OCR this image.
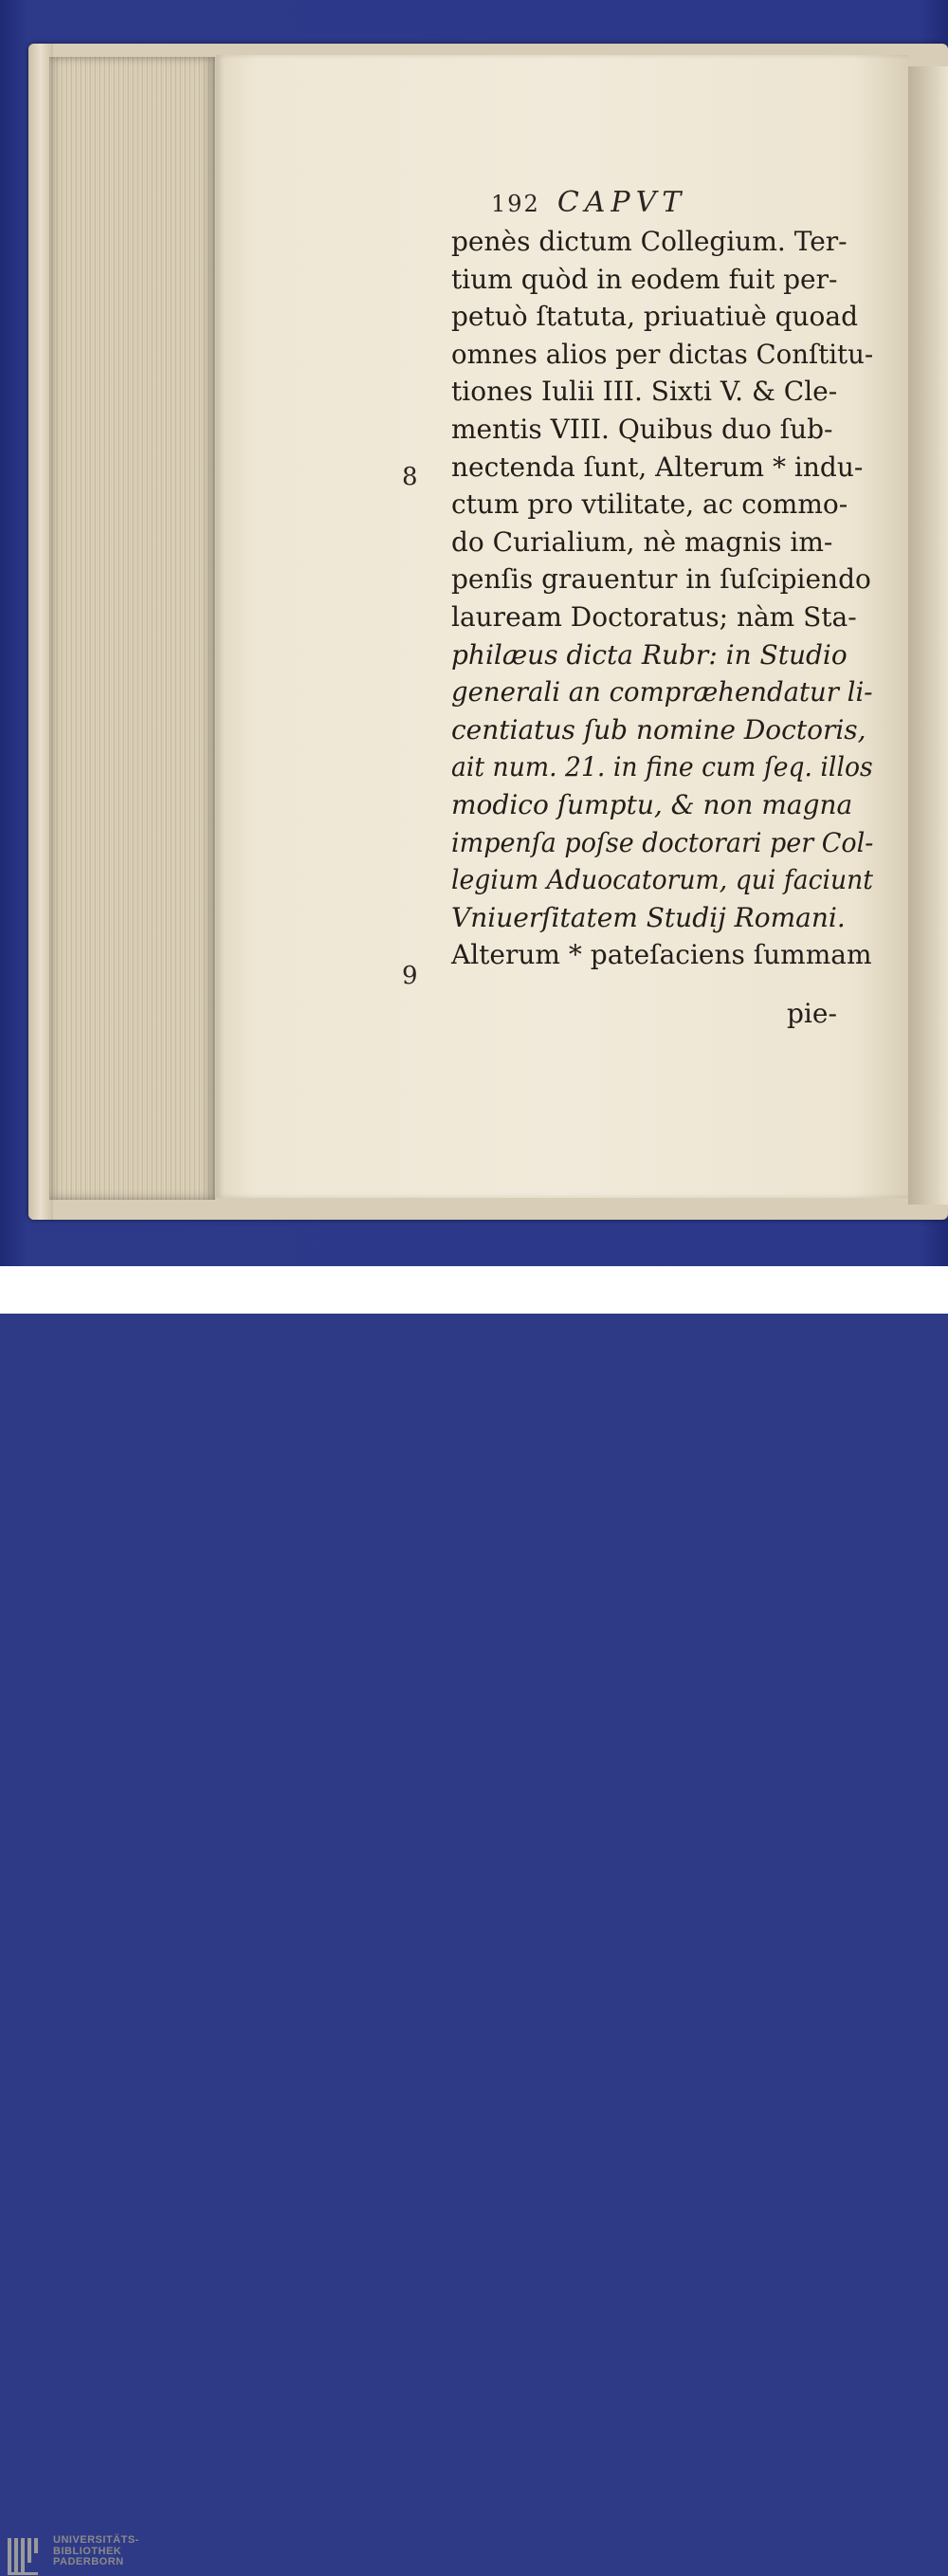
192 CAPVT
penès dictum Collegium. Ter-
tium quòd in eodem fuit per-
petuò ſtatuta, priuatiuè quoad
omnes alios per dictas Conſtitu-
tiones Iulii III. Sixti V. & Cle-
mentis VIII. Quibus duo ſub-
nectenda ſunt, Alterum * indu-
ctum pro vtilitate, ac commo-
do Curialium, nè magnis im-
penſis grauentur in ſuſcipiendo
lauream Doctoratus; nàm Sta-
philæus dicta Rubr: in Studio
generali an compræhendatur li-
centiatus ſub nomine Doctoris,
ait num. 21. in fine cum ſeq. illos
modico ſumptu, & non magna
impenſa poſse doctorari per Col-
legium Aduocatorum, qui faciunt
Vniuerſitatem Studij Romani.
Alterum * pateſaciens ſummam
8
9
pie-
UNIVERSITÄTS-
BIBLIOTHEK
PADERBORN
